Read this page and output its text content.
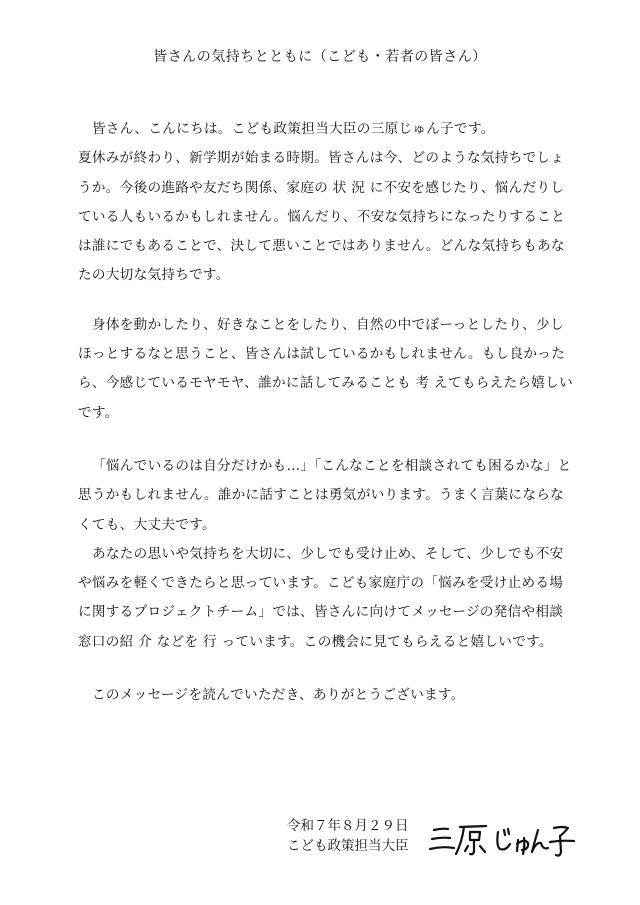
皆さんの気持ちとともに（こども・若者の皆さん）

皆さん、こんにちは。こども政策担当大臣の三原じゅん子です。
夏休みが終わり、新学期が始まる時期。皆さんは今、どのような気持ちでしょうか。今後の進路や友だち関係、家庭の 状 況 に不安を感じたり、悩んだりしている人もいるかもしれません。悩んだり、不安な気持ちになったりすることは誰にでもあることで、決して悪いことではありません。どんな気持ちもあなたの大切な気持ちです。

身体を動かしたり、好きなことをしたり、自然の中でぼーっとしたり、少しほっとするなと思うこと、皆さんは試しているかもしれません。もし良かったら、今感じているモヤモヤ、誰かに話してみることも 考 えてもらえたら嬉しいです。

「悩んでいるのは自分だけかも…」「こんなことを相談されても困るかな」と思うかもしれません。誰かに話すことは勇気がいります。うまく言葉にならなくても、大丈夫です。

あなたの思いや気持ちを大切に、少しでも受け止め、そして、少しでも不安や悩みを軽くできたらと思っています。こども家庭庁の「悩みを受け止める場に関するプロジェクトチーム」では、皆さんに向けてメッセージの発信や相談窓口の紹 介 などを 行 っています。この機会に見てもらえると嬉しいです。

このメッセージを読んでいただき、ありがとうございます。

令和７年８月２９日
こども政策担当大臣
